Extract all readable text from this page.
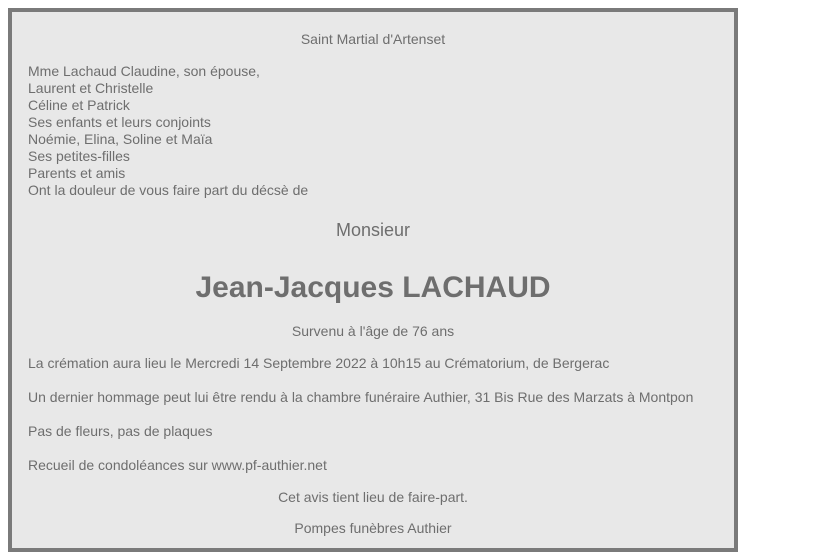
Saint Martial d'Artenset
Mme Lachaud Claudine, son épouse,
Laurent et Christelle
Céline et Patrick
Ses enfants et leurs conjoints
Noémie, Elina, Soline et Maïa
Ses petites-filles
Parents et amis
Ont la douleur de vous faire part du décsè de
Monsieur
Jean-Jacques LACHAUD
Survenu à l'âge de 76 ans
La crémation aura lieu le Mercredi 14 Septembre 2022 à 10h15 au Crématorium, de Bergerac
Un dernier hommage peut lui être rendu à la chambre funéraire Authier, 31 Bis Rue des Marzats à Montpon
Pas de fleurs, pas de plaques
Recueil de condoléances sur www.pf-authier.net
Cet avis tient lieu de faire-part.
Pompes funèbres Authier
